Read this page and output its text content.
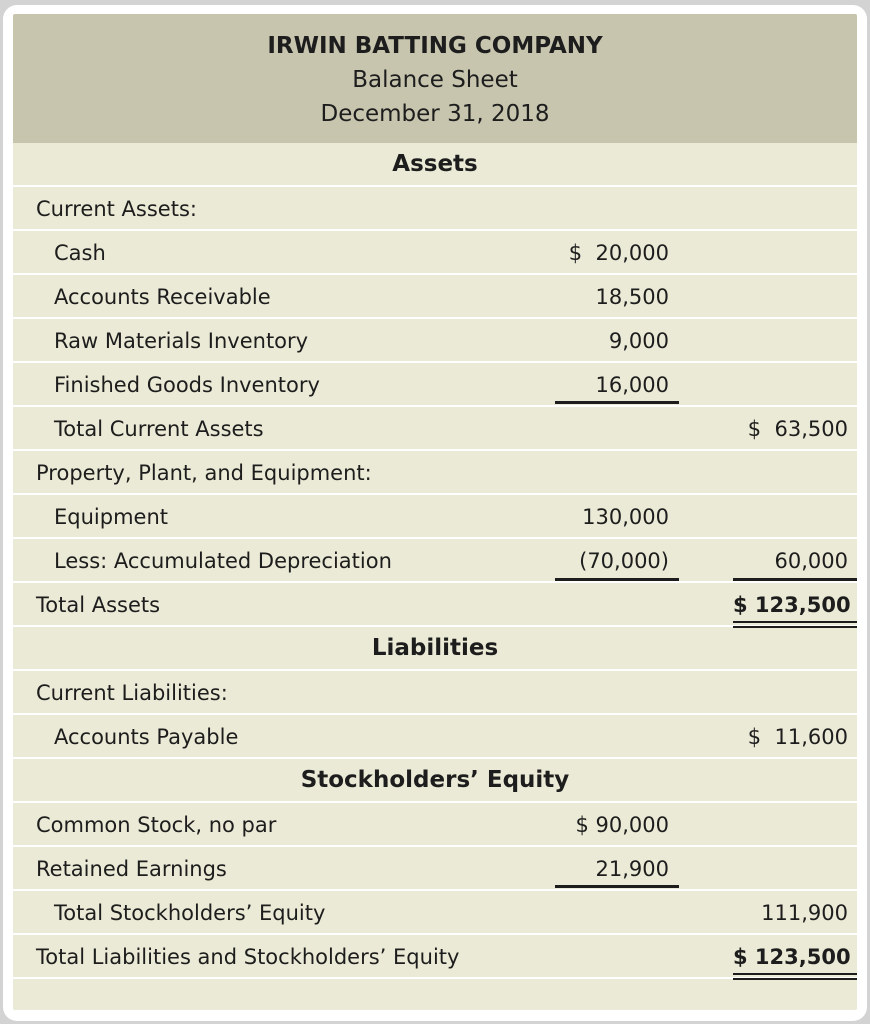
IRWIN BATTING COMPANY
Balance Sheet
December 31, 2018
Assets
Current Assets:
Cash	$  20,000
Accounts Receivable	18,500
Raw Materials Inventory	9,000
Finished Goods Inventory	16,000
Total Current Assets	$  63,500
Property, Plant, and Equipment:
Equipment	130,000
Less: Accumulated Depreciation	(70,000)	60,000
Total Assets	$ 123,500
Liabilities
Current Liabilities:
Accounts Payable	$  11,600
Stockholders’ Equity
Common Stock, no par	$ 90,000
Retained Earnings	21,900
Total Stockholders’ Equity	111,900
Total Liabilities and Stockholders’ Equity	$ 123,500
